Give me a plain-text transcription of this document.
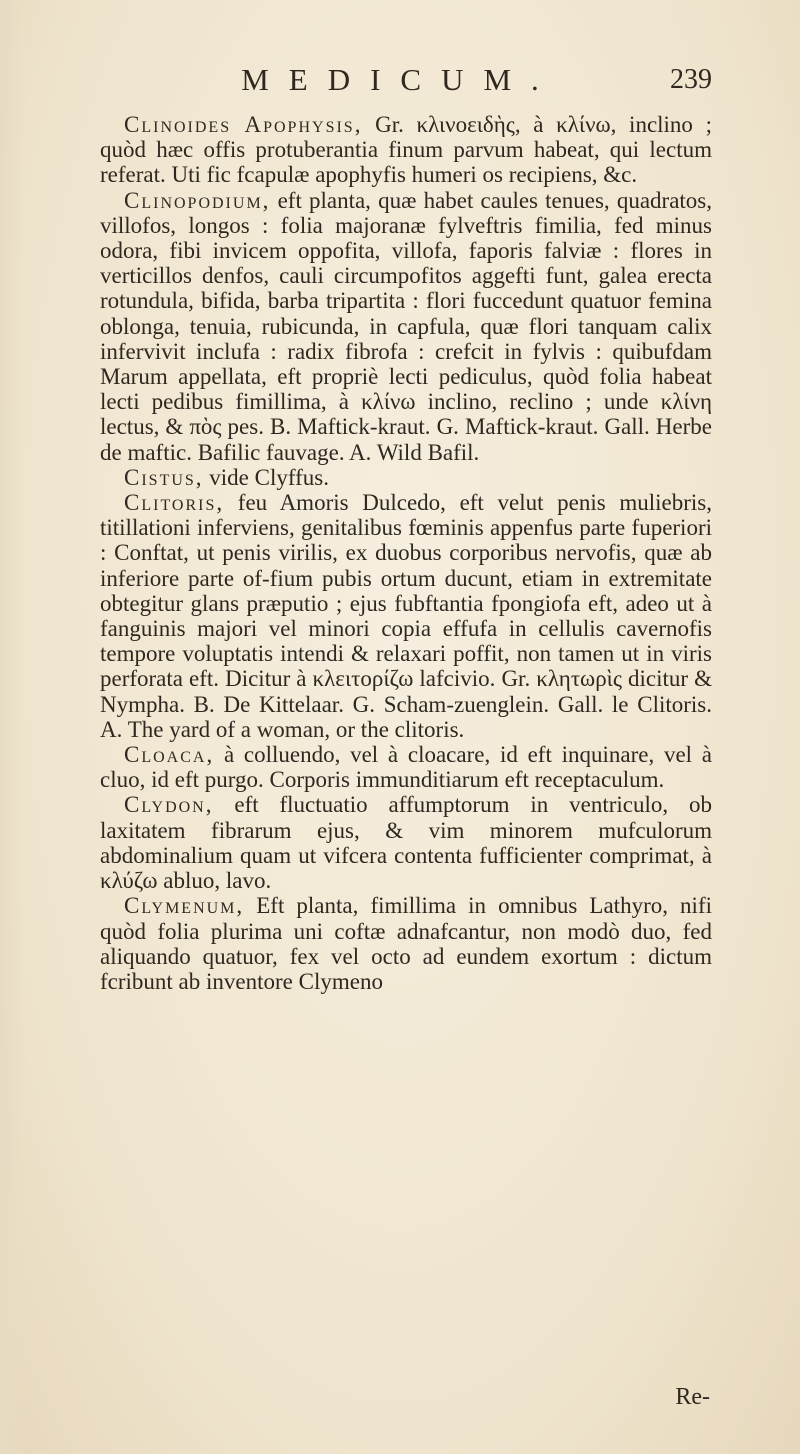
MEDICUM.	239

Clinoides Apophysis, Gr. κλινοειδὴς, à κλίνω, inclino ; quòd hæc offis protuberantia finum parvum habeat, qui lectum referat. Uti fic fcapulæ apophyfis humeri os recipiens, &c.

Clinopodium, eft planta, quæ habet caules tenues, quadratos, villofos, longos : folia majoranæ fylveftris fimilia, fed minus odora, fibi invicem oppofita, villofa, faporis falviæ : flores in verticillos denfos, cauli circumpofitos aggefti funt, galea erecta rotundula, bifida, barba tripartita : flori fuccedunt quatuor femina oblonga, tenuia, rubicunda, in capfula, quæ flori tanquam calix infervivit inclufa : radix fibrofa : crefcit in fylvis : quibufdam Marum appellata, eft propriè lecti pediculus, quòd folia habeat lecti pedibus fimillima, à κλίνω inclino, reclino ; unde κλίνη lectus, & πὸς pes. B. Maftick-kraut. G. Maftick-kraut. Gall. Herbe de maftic. Bafilic fauvage. A. Wild Bafil.

Cistus, vide Clyffus.

Clitoris, feu Amoris Dulcedo, eft velut penis muliebris, titillationi inferviens, genitalibus fœminis appenfus parte fuperiori : Conftat, ut penis virilis, ex duobus corporibus nervofis, quæ ab inferiore parte of-fium pubis ortum ducunt, etiam in extremitate obtegitur glans præputio ; ejus fubftantia fpongiofa eft, adeo ut à fanguinis majori vel minori copia effufa in cellulis cavernofis tempore voluptatis intendi & relaxari poffit, non tamen ut in viris perforata eft. Dicitur à κλειτορίζω lafcivio. Gr. κλητωρὶς dicitur & Nympha. B. De Kittelaar. G. Scham-zuenglein. Gall. le Clitoris. A. The yard of a woman, or the clitoris.

Cloaca, à colluendo, vel à cloacare, id eft inquinare, vel à cluo, id eft purgo. Corporis immunditiarum eft receptaculum.

Clydon, eft fluctuatio affumptorum in ventriculo, ob laxitatem fibrarum ejus, & vim minorem mufculorum abdominalium quam ut vifcera contenta fufficienter comprimat, à κλύζω abluo, lavo.

Clymenum, Eft planta, fimillima in omnibus Lathyro, nifi quòd folia plurima uni coftæ adnafcantur, non modò duo, fed aliquando quatuor, fex vel octo ad eundem exortum : dictum fcribunt ab inventore Clymeno

Re-
